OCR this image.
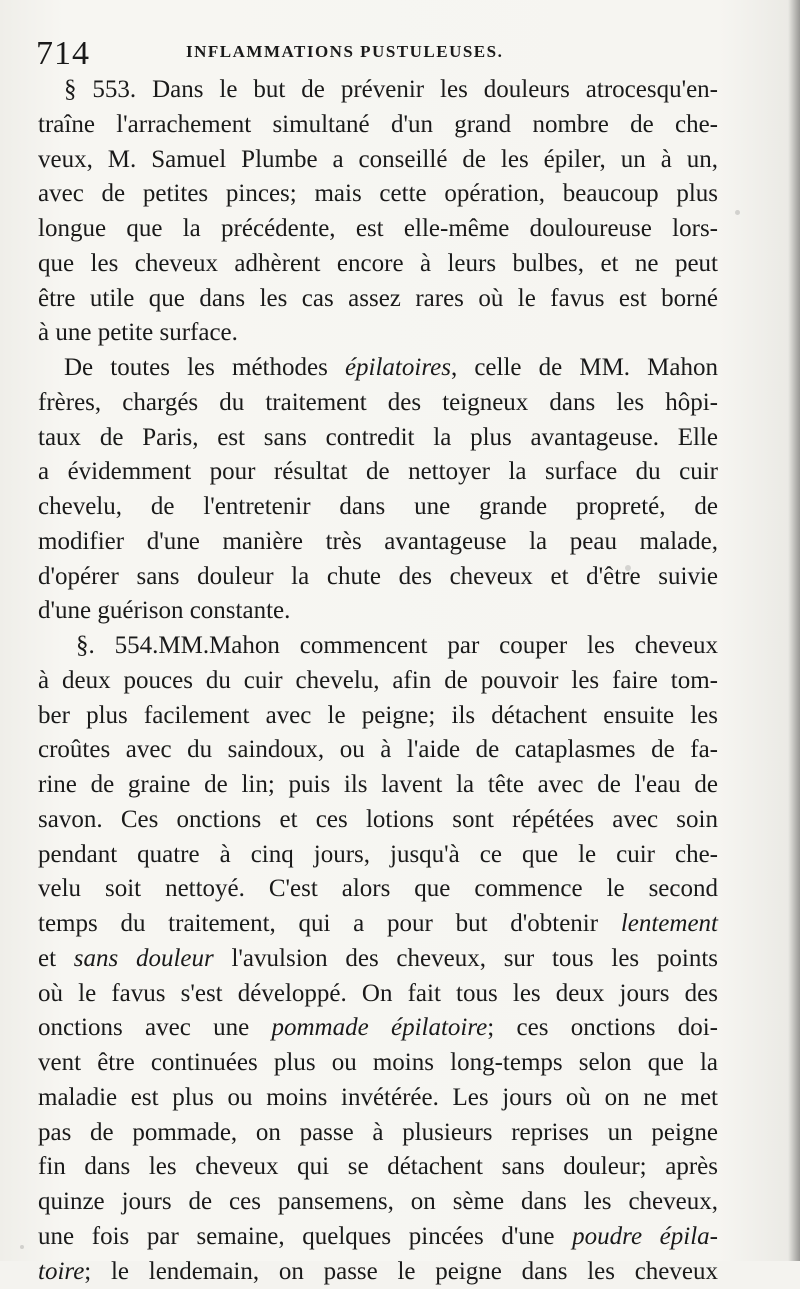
714	INFLAMMATIONS PUSTULEUSES.
§ 553. Dans le but de prévenir les douleurs atrocesqu'en-
traîne l'arrachement simultané d'un grand nombre de che-
veux, M. Samuel Plumbe a conseillé de les épiler, un à un,
avec de petites pinces; mais cette opération, beaucoup plus
longue que la précédente, est elle-même douloureuse lors-
que les cheveux adhèrent encore à leurs bulbes, et ne peut
être utile que dans les cas assez rares où le favus est borné
à une petite surface.
De toutes les méthodes épilatoires, celle de MM. Mahon
frères, chargés du traitement des teigneux dans les hôpi-
taux de Paris, est sans contredit la plus avantageuse. Elle
a évidemment pour résultat de nettoyer la surface du cuir
chevelu, de l'entretenir dans une grande propreté, de
modifier d'une manière très avantageuse la peau malade,
d'opérer sans douleur la chute des cheveux et d'être suivie
d'une guérison constante.
§. 554.MM.Mahon commencent par couper les cheveux
à deux pouces du cuir chevelu, afin de pouvoir les faire tom-
ber plus facilement avec le peigne; ils détachent ensuite les
croûtes avec du saindoux, ou à l'aide de cataplasmes de fa-
rine de graine de lin; puis ils lavent la tête avec de l'eau de
savon. Ces onctions et ces lotions sont répétées avec soin
pendant quatre à cinq jours, jusqu'à ce que le cuir che-
velu soit nettoyé. C'est alors que commence le second
temps du traitement, qui a pour but d'obtenir lentement
et sans douleur l'avulsion des cheveux, sur tous les points
où le favus s'est développé. On fait tous les deux jours des
onctions avec une pommade épilatoire; ces onctions doi-
vent être continuées plus ou moins long-temps selon que la
maladie est plus ou moins invétérée. Les jours où on ne met
pas de pommade, on passe à plusieurs reprises un peigne
fin dans les cheveux qui se détachent sans douleur; après
quinze jours de ces pansemens, on sème dans les cheveux,
une fois par semaine, quelques pincées d'une poudre épila-
toire; le lendemain, on passe le peigne dans les cheveux
